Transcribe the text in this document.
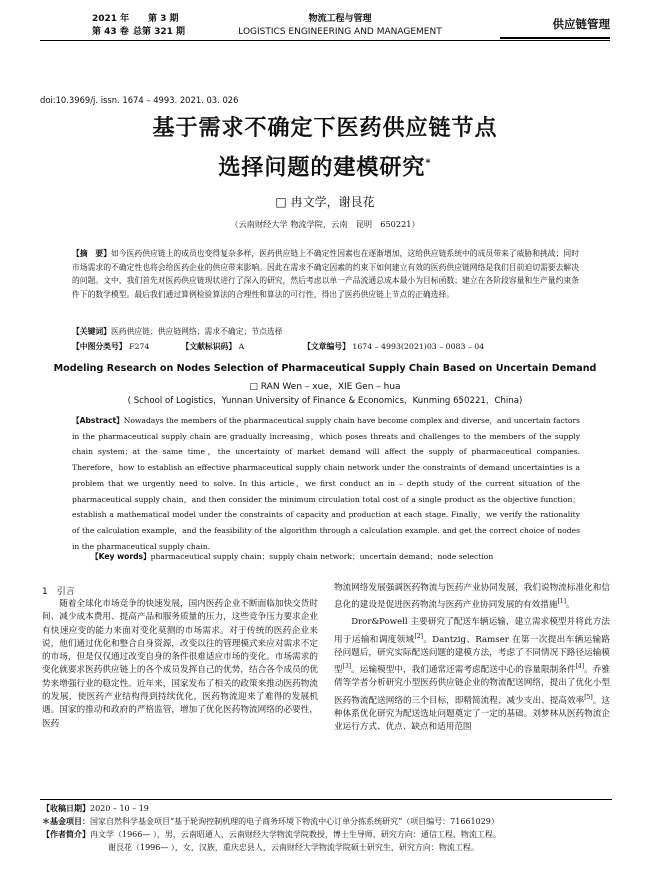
2021 年 第 3 期
第 43 卷 总第 321 期
物流工程与管理
LOGISTICS ENGINEERING AND MANAGEMENT
供应链管理
doi:10.3969/j. issn. 1674 – 4993. 2021. 03. 026
基于需求不确定下医药供应链节点
选择问题的建模研究*
□ 冉文学，谢艮花
（云南财经大学 物流学院，云南　昆明　650221）
【摘　要】如今医药供应链上的成员也变得复杂多样，医药供应链上不确定性因素也在逐渐增加，这给供应链系统中的成员带来了威胁和挑战；同时市场需求的不确定性也将会给医药企业的供应带来影响。因此在需求不确定因素的约束下如何建立有效的医药供应链网络是我们目前迫切需要去解决的问题。文中，我们首先对医药供应链现状进行了深入的研究，然后考虑以单一产品流通总成本最小为目标函数；建立在各阶段容量和生产量约束条件下的数学模型。最后我们通过算例检验算法的合理性和算法的可行性，得出了医药供应链上节点的正确选择。
【关键词】医药供应链；供应链网络；需求不确定；节点选择
【中图分类号】 F274	【文献标识码】 A	【文章编号】 1674 – 4993(2021)03 – 0083 – 04
Modeling Research on Nodes Selection of Pharmaceutical Supply Chain Based on Uncertain Demand
□ RAN Wen – xue，XIE Gen – hua
( School of Logistics，Yunnan University of Finance & Economics，Kunming 650221，China)
【Abstract】Nowadays the members of the pharmaceutical supply chain have become complex and diverse，and uncertain factors in the pharmaceutical supply chain are gradually increasing，which poses threats and challenges to the members of the supply chain system；at the same time，the uncertainty of market demand will affect the supply of pharmaceutical companies. Therefore，how to establish an effective pharmaceutical supply chain network under the constraints of demand uncertainties is a problem that we urgently need to solve. In this article，we first conduct an in – depth study of the current situation of the pharmaceutical supply chain，and then consider the minimum circulation total cost of a single product as the objective function；establish a mathematical model under the constraints of capacity and production at each stage. Finally，we verify the rationality of the calculation example，and the feasibility of the algorithm through a calculation example. and get the correct choice of nodes in the pharmaceutical supply chain.
【Key words】pharmaceutical supply chain；supply chain network；uncertain demand；node selection
1　引言
随着全球化市场竞争的快速发展，国内医药企业不断面临加快交货时间、减少成本费用、提高产品和服务质量的压力，这些竞争压力要求企业有快速应变的能力来面对变化莫测的市场需求。对于传统的医药企业来说，他们通过优化和整合自身资源，改变以往的管理模式来应对需求不定的市场，但是仅仅通过改变自身的条件很难适应市场的变化。市场需求的变化就要求医药供应链上的各个成员发挥自己的优势，结合各个成员的优势来增强行业的稳定性。近年来，国家发布了相关的政策来推动医药物流的发展，使医药产业结构得到持续优化，医药物流迎来了难得的发展机遇。国家的推动和政府的严格监管，增加了优化医药物流网络的必要性，医药
物流网络发展强调医药物流与医药产业协同发展，我们说物流标准化和信息化的建设是促进医药物流与医药产业协同发展的有效措施[1]。
Dror&Powell 主要研究了配送车辆运输，建立需求模型并将此方法用于运输和调度领域[2]。Dantzig、Ramser 在第一次提出车辆运输路径问题后，研究实际配送问题的建模方法，考虑了不同情况下路径运输模型[3]。运输模型中，我们通常还需考虑配送中心的容量限制条件[4]。乔雅倩等学者分析研究小型医药供应链企业的物流配送网络，提出了优化小型医药物流配送网络的三个目标，即精简流程、减少支出、提高效率[5]。这种体系优化研究为配送选址问题奠定了一定的基础。刘梦林从医药物流企业运行方式、优点、缺点和适用范围
【收稿日期】2020 – 10 – 19
＊基金项目：国家自然科学基金项目“基于轮询控制机理的电子商务环境下物流中心订单分拣系统研究”（项目编号：71661029）
【作者简介】冉文学（1966— ），男，云南昭通人，云南财经大学物流学院教授，博士生导师，研究方向：通信工程、物流工程。
谢艮花（1996— ），女，汉族，重庆忠县人，云南财经大学物流学院硕士研究生，研究方向：物流工程。
